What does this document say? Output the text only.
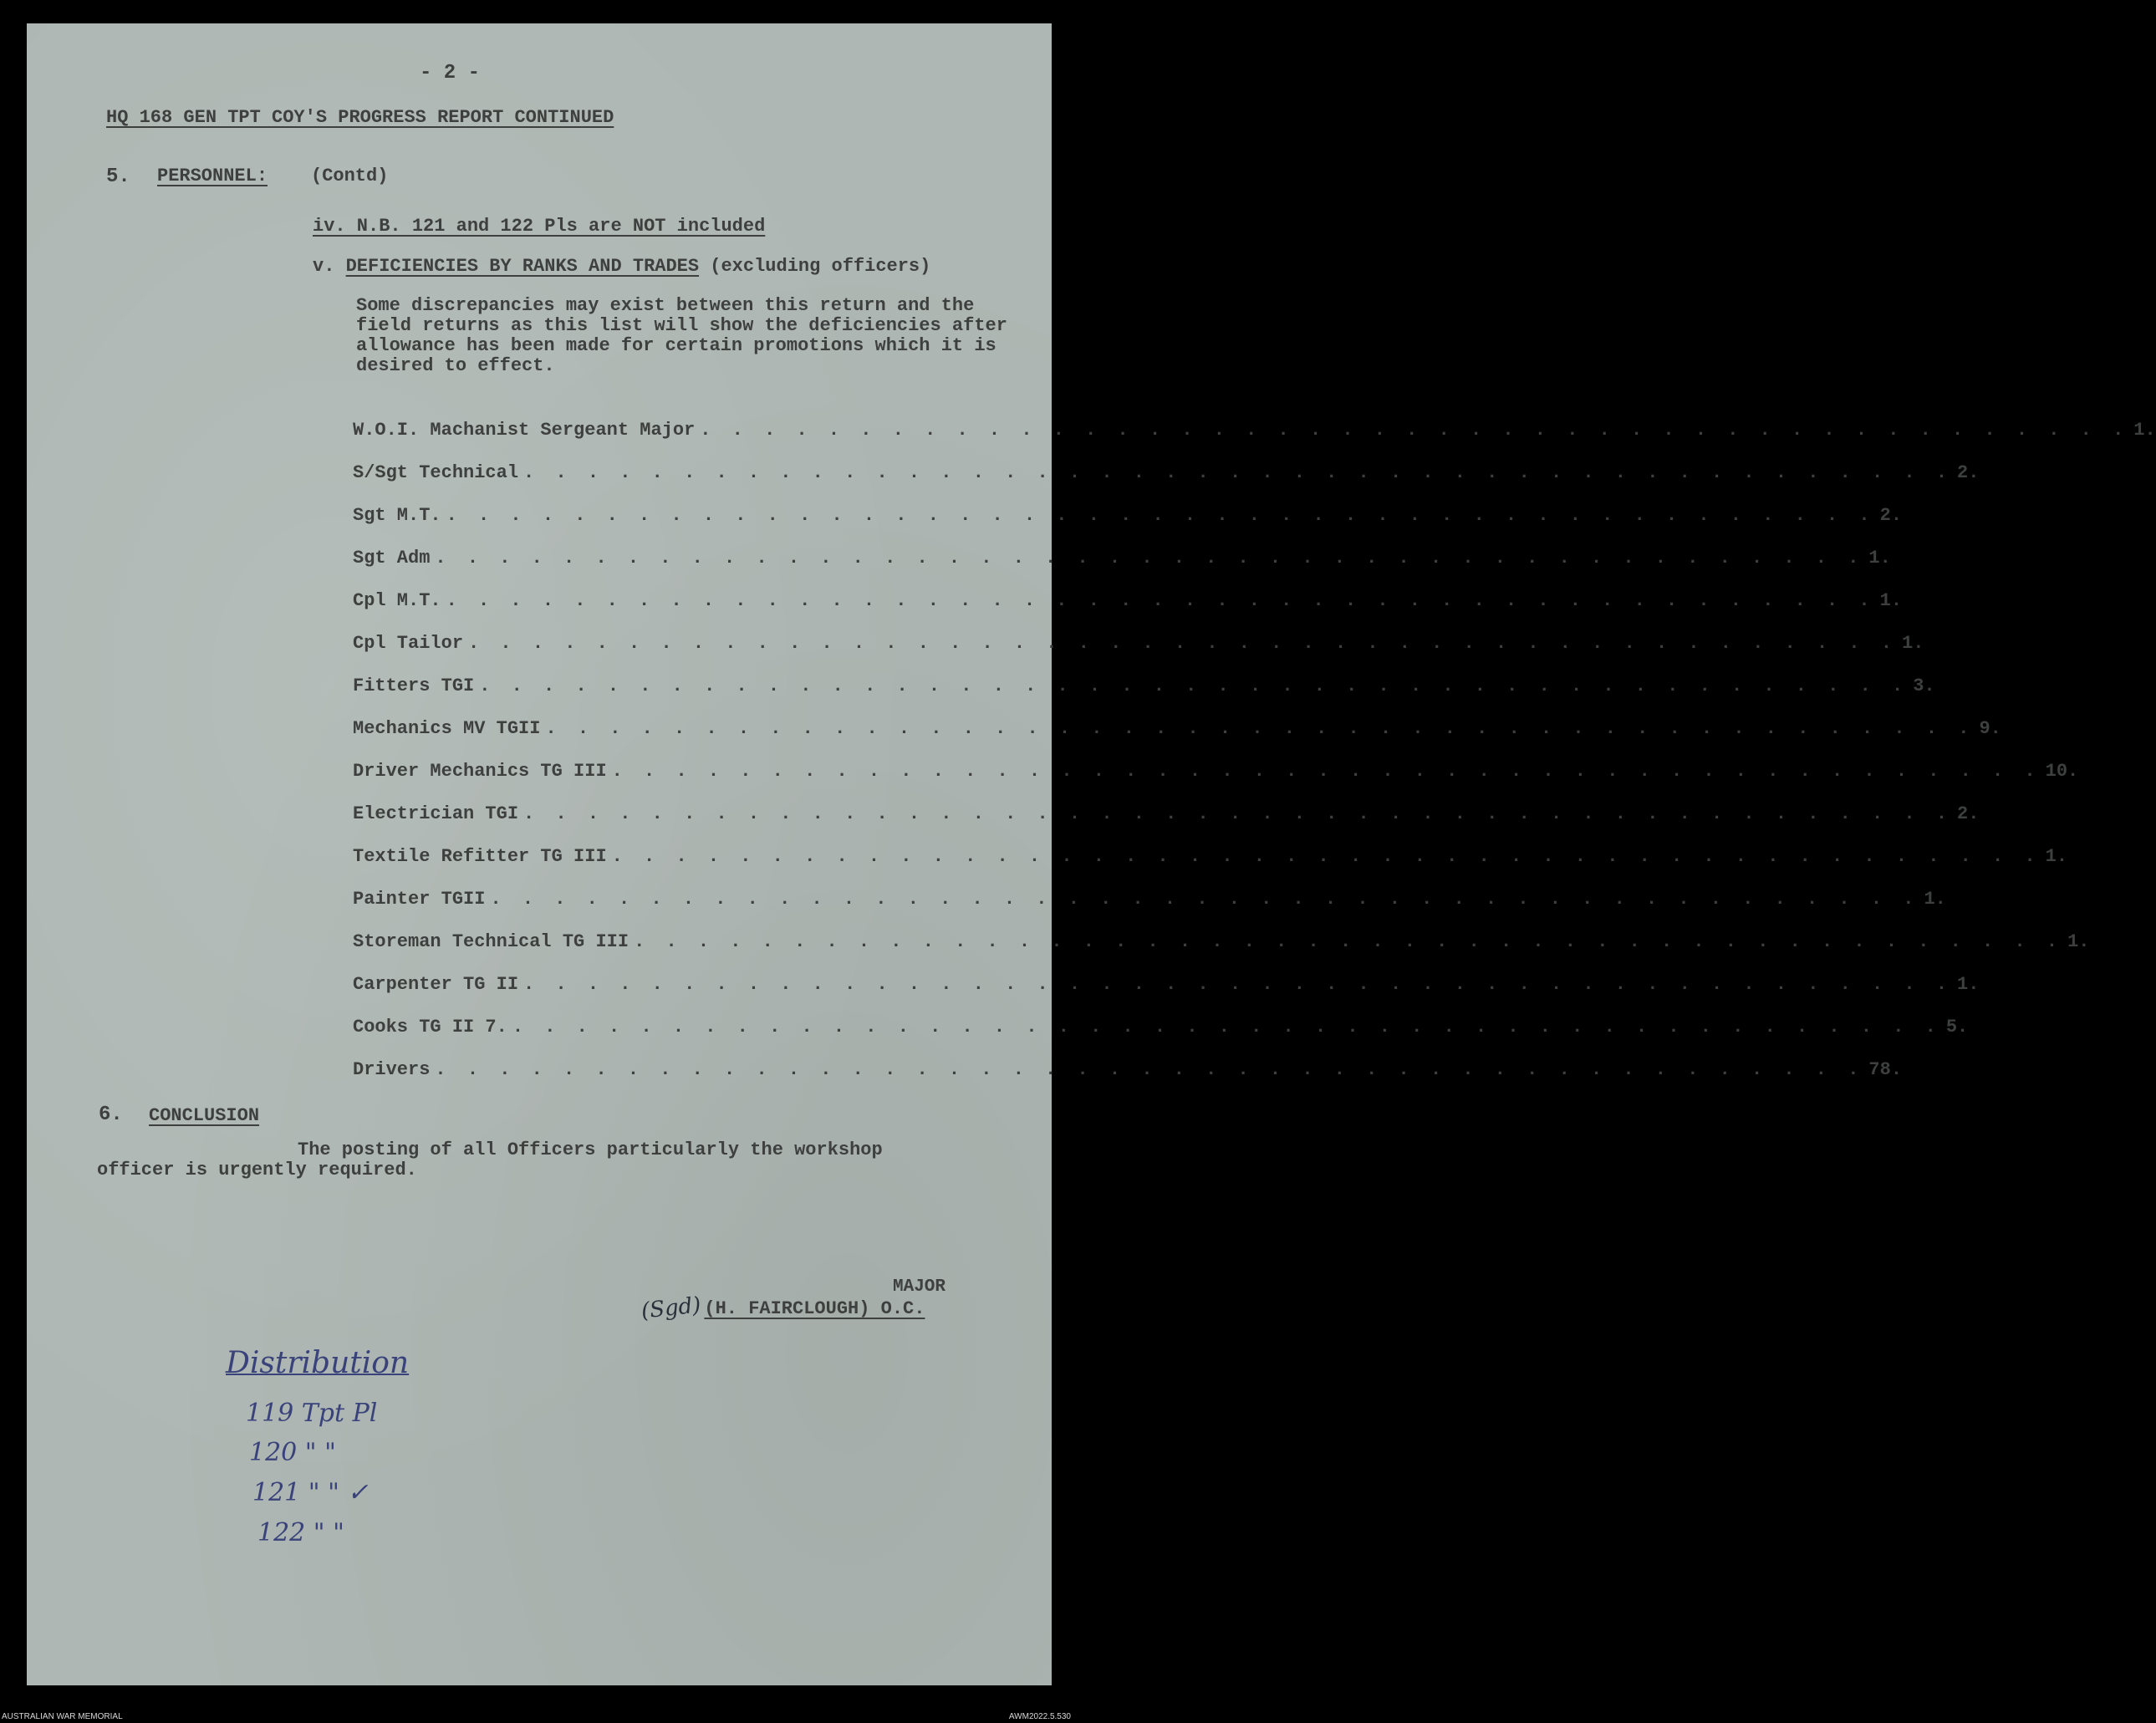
- 2 -
HQ 168 GEN TPT COY'S PROGRESS REPORT CONTINUED
5. PERSONNEL: (Contd)
iv. N.B. 121 and 122 Pls are NOT included
v. DEFICIENCIES BY RANKS AND TRADES (excluding officers)
Some discrepancies may exist between this return and the field returns as this list will show the deficiencies after allowance has been made for certain promotions which it is desired to effect.
W.O.I. Machanist Sergeant Major . . . . . . . . . . . . . . . . . . . . . . . . . . . . . . . . . . . . . . . . . . . . . 1.
S/Sgt Technical . . . . . . . . . . . . . . . . . . . . . . . . . . . . . . . . . . . . . . . . . . . . . 2.
Sgt M.T. . . . . . . . . . . . . . . . . . . . . . . . . . . . . . . . . . . . . . . . . . . . . . 2.
Sgt Adm . . . . . . . . . . . . . . . . . . . . . . . . . . . . . . . . . . . . . . . . . . . . . 1.
Cpl M.T. . . . . . . . . . . . . . . . . . . . . . . . . . . . . . . . . . . . . . . . . . . . . . 1.
Cpl Tailor . . . . . . . . . . . . . . . . . . . . . . . . . . . . . . . . . . . . . . . . . . . . . 1.
Fitters TGI . . . . . . . . . . . . . . . . . . . . . . . . . . . . . . . . . . . . . . . . . . . . . 3.
Mechanics MV TGII . . . . . . . . . . . . . . . . . . . . . . . . . . . . . . . . . . . . . . . . . . . . . 9.
Driver Mechanics TG III . . . . . . . . . . . . . . . . . . . . . . . . . . . . . . . . . . . . . . . . . . . . . 10.
Electrician TGI . . . . . . . . . . . . . . . . . . . . . . . . . . . . . . . . . . . . . . . . . . . . . 2.
Textile Refitter TG III . . . . . . . . . . . . . . . . . . . . . . . . . . . . . . . . . . . . . . . . . . . . . 1.
Painter TGII . . . . . . . . . . . . . . . . . . . . . . . . . . . . . . . . . . . . . . . . . . . . . 1.
Storeman Technical TG III . . . . . . . . . . . . . . . . . . . . . . . . . . . . . . . . . . . . . . . . . . . . . 1.
Carpenter TG II . . . . . . . . . . . . . . . . . . . . . . . . . . . . . . . . . . . . . . . . . . . . . 1.
Cooks TG II 7. . . . . . . . . . . . . . . . . . . . . . . . . . . . . . . . . . . . . . . . . . . . . . 5.
Drivers . . . . . . . . . . . . . . . . . . . . . . . . . . . . . . . . . . . . . . . . . . . . . 78.
6. CONCLUSION
The posting of all Officers particularly the workshop officer is urgently required.
MAJOR
(Sgd) (H. FAIRCLOUGH) O.C.
Distribution
119 Tpt Pl
120 " "
121 " " ✓
122 " "
AUSTRALIAN WAR MEMORIAL	AWM2022.5.530
